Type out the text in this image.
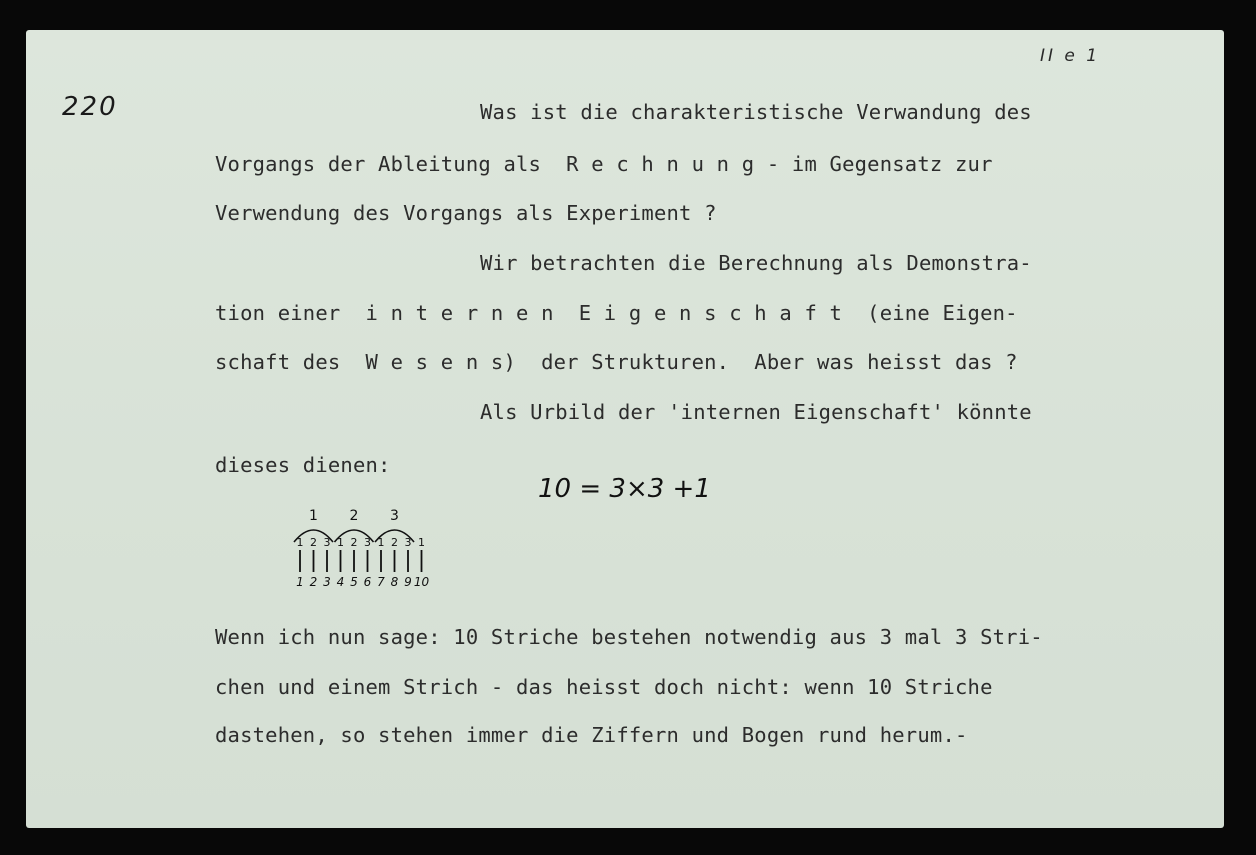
220
II e 1

Was ist die charakteristische Verwandung des

Vorgangs der Ableitung als  R e c h n u n g - im Gegensatz zur

Verwendung des Vorgangs als Experiment ?

Wir betrachten die Berechnung als Demonstra-

tion einer  i n t e r n e n  E i g e n s c h a f t  (eine Eigen-

schaft des  W e s e n s)  der Strukturen.  Aber was heisst das ?

Als Urbild der 'internen Eigenschaft' könnte

dieses dienen:

10 = 3×3 +1
1 2 3
1 2 3 1 2 3 1 2 3 1
1 2 3 4 5 6 7 8 9 10

Wenn ich nun sage: 10 Striche bestehen notwendig aus 3 mal 3 Stri-

chen und einem Strich - das heisst doch nicht: wenn 10 Striche

dastehen, so stehen immer die Ziffern und Bogen rund herum.-
